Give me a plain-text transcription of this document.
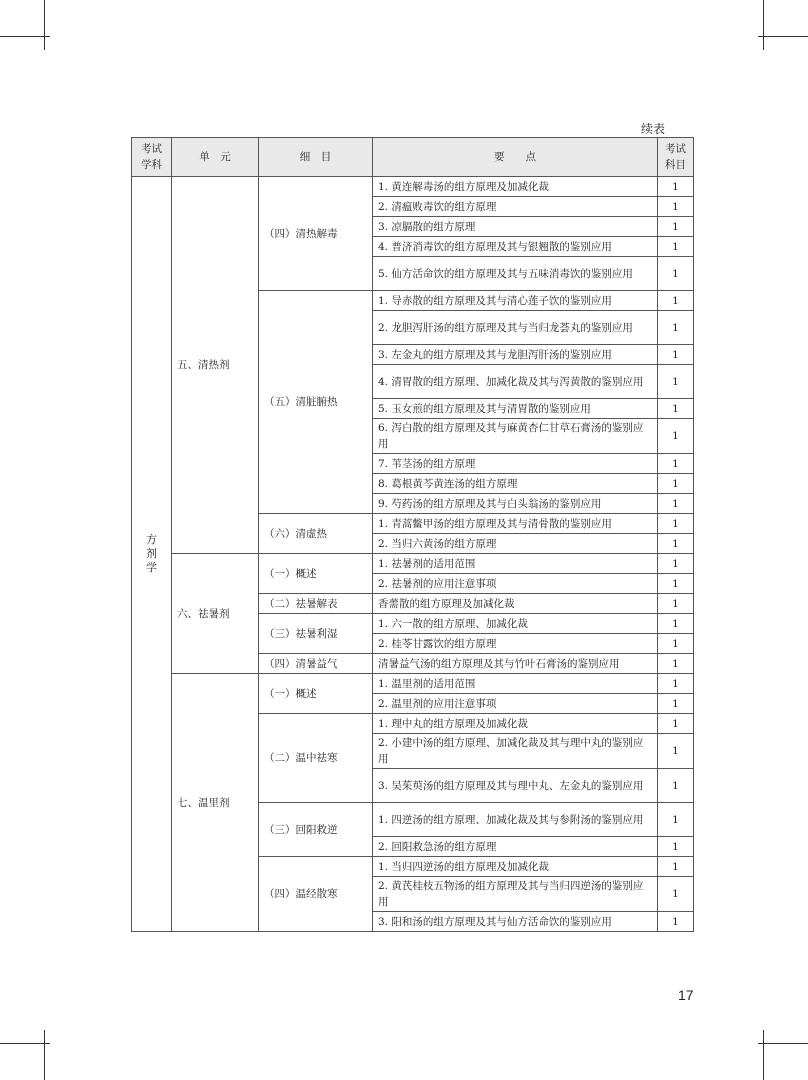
续表
考试
学科	单　元	细　目	要　　点	考试
科目
方剂学	五、清热剂	（四）清热解毒	1. 黄连解毒汤的组方原理及加减化裁	1
			2. 清瘟败毒饮的组方原理	1
			3. 凉膈散的组方原理	1
			4. 普济消毒饮的组方原理及其与银翘散的鉴别应用	1
			5. 仙方活命饮的组方原理及其与五味消毒饮的鉴别应用	1
		（五）清脏腑热	1. 导赤散的组方原理及其与清心莲子饮的鉴别应用	1
			2. 龙胆泻肝汤的组方原理及其与当归龙荟丸的鉴别应用	1
			3. 左金丸的组方原理及其与龙胆泻肝汤的鉴别应用	1
			4. 清胃散的组方原理、加减化裁及其与泻黄散的鉴别应用	1
			5. 玉女煎的组方原理及其与清胃散的鉴别应用	1
			6. 泻白散的组方原理及其与麻黄杏仁甘草石膏汤的鉴别应用	1
			7. 苇茎汤的组方原理	1
			8. 葛根黄芩黄连汤的组方原理	1
			9. 芍药汤的组方原理及其与白头翁汤的鉴别应用	1
		（六）清虚热	1. 青蒿鳖甲汤的组方原理及其与清骨散的鉴别应用	1
			2. 当归六黄汤的组方原理	1
	六、祛暑剂	（一）概述	1. 祛暑剂的适用范围	1
			2. 祛暑剂的应用注意事项	1
		（二）祛暑解表	香薷散的组方原理及加减化裁	1
		（三）祛暑利湿	1. 六一散的组方原理、加减化裁	1
			2. 桂苓甘露饮的组方原理	1
		（四）清暑益气	清暑益气汤的组方原理及其与竹叶石膏汤的鉴别应用	1
	七、温里剂	（一）概述	1. 温里剂的适用范围	1
			2. 温里剂的应用注意事项	1
		（二）温中祛寒	1. 理中丸的组方原理及加减化裁	1
			2. 小建中汤的组方原理、加减化裁及其与理中丸的鉴别应用	1
			3. 吴茱萸汤的组方原理及其与理中丸、左金丸的鉴别应用	1
		（三）回阳救逆	1. 四逆汤的组方原理、加减化裁及其与参附汤的鉴别应用	1
			2. 回阳救急汤的组方原理	1
		（四）温经散寒	1. 当归四逆汤的组方原理及加减化裁	1
			2. 黄芪桂枝五物汤的组方原理及其与当归四逆汤的鉴别应用	1
			3. 阳和汤的组方原理及其与仙方活命饮的鉴别应用	1
17
